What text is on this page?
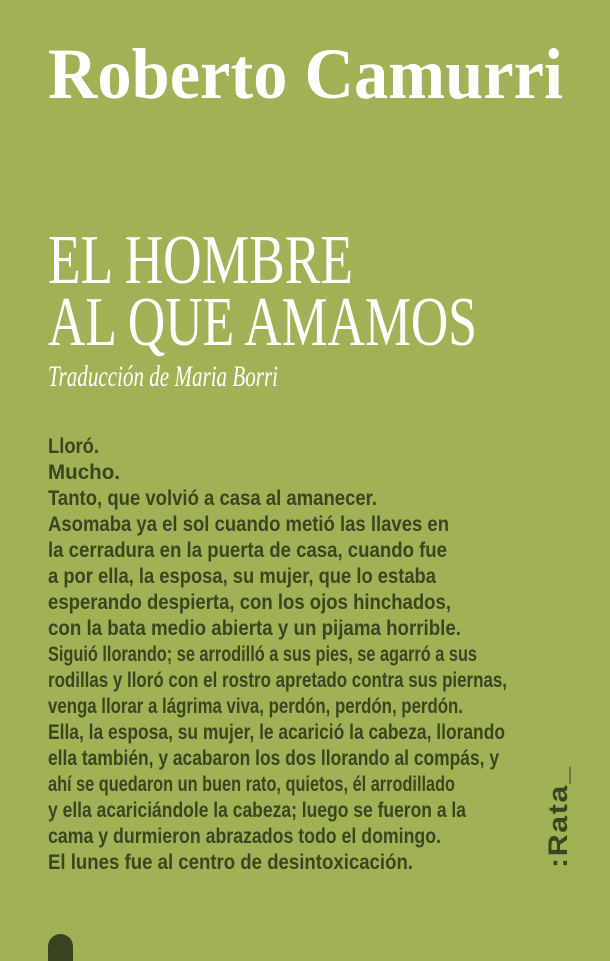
Roberto Camurri
EL HOMBRE
AL QUE AMAMOS
Traducción de Maria Borri
Lloró.
Mucho.
Tanto, que volvió a casa al amanecer.
Asomaba ya el sol cuando metió las llaves en
la cerradura en la puerta de casa, cuando fue
a por ella, la esposa, su mujer, que lo estaba
esperando despierta, con los ojos hinchados,
con la bata medio abierta y un pijama horrible.
Siguió llorando; se arrodilló a sus pies, se agarró a sus
rodillas y lloró con el rostro apretado contra sus piernas,
venga llorar a lágrima viva, perdón, perdón, perdón.
Ella, la esposa, su mujer, le acarició la cabeza, llorando
ella también, y acabaron los dos llorando al compás, y
ahí se quedaron un buen rato, quietos, él arrodillado
y ella acariciándole la cabeza; luego se fueron a la
cama y durmieron abrazados todo el domingo.
El lunes fue al centro de desintoxicación.	:Rata_
